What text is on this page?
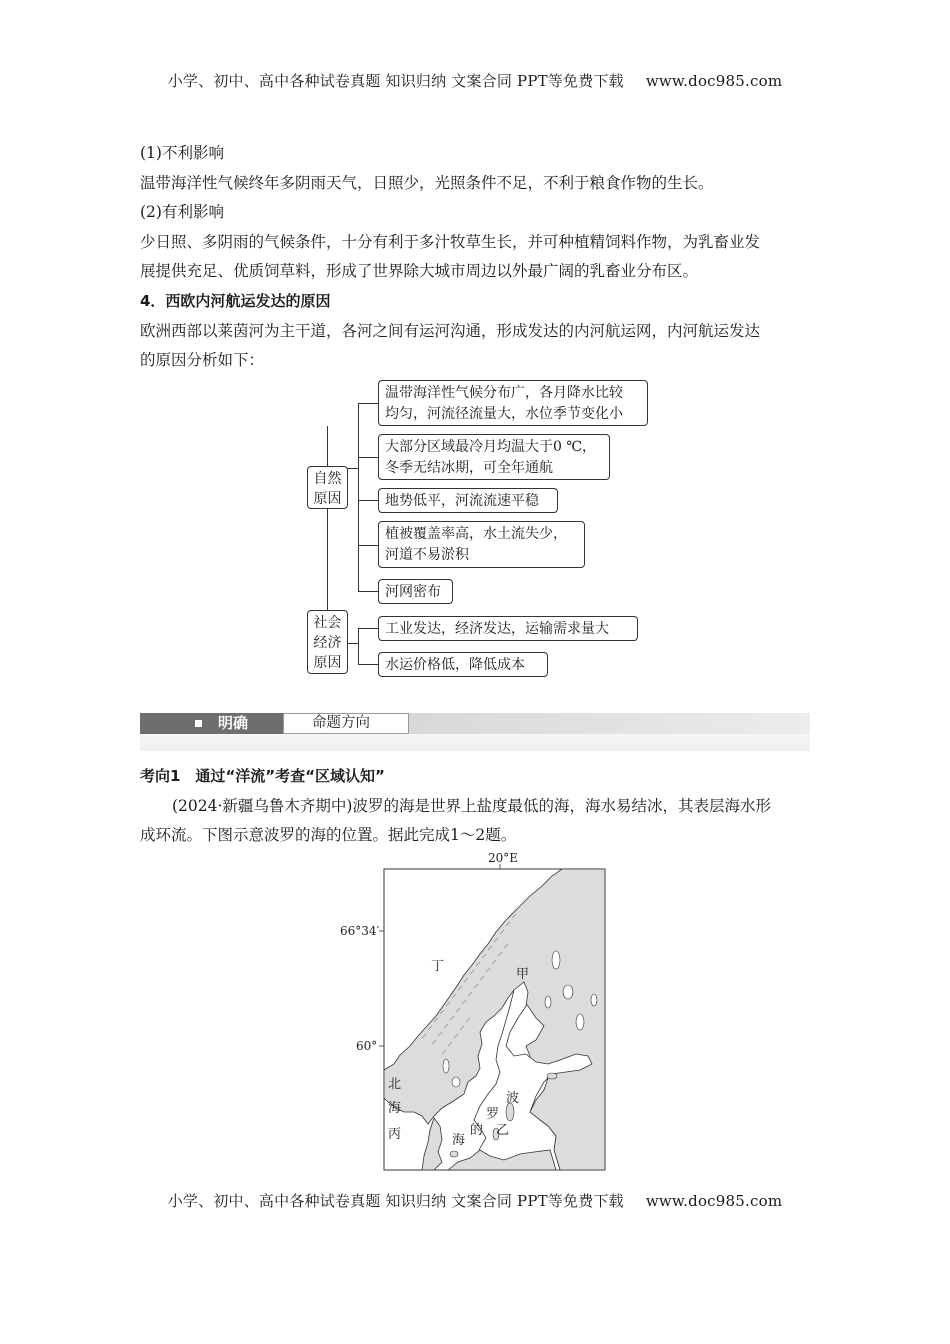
小学、初中、高中各种试卷真题 知识归纳 文案合同 PPT等免费下载 www.doc985.com
(1)不利影响
温带海洋性气候终年多阴雨天气，日照少，光照条件不足，不利于粮食作物的生长。
(2)有利影响
少日照、多阴雨的气候条件，十分有利于多汁牧草生长，并可种植精饲料作物，为乳畜业发
展提供充足、优质饲草料，形成了世界除大城市周边以外最广阔的乳畜业分布区。
4．西欧内河航运发达的原因
欧洲西部以莱茵河为主干道，各河之间有运河沟通，形成发达的内河航运网，内河航运发达
的原因分析如下：
自然
原因
社会
经济
原因
温带海洋性气候分布广，各月降水比较
均匀，河流径流量大，水位季节变化小
大部分区域最冷月均温大于0 ℃，
冬季无结冰期，可全年通航
地势低平，河流流速平稳
植被覆盖率高，水土流失少，
河道不易淤积
河网密布
工业发达，经济发达，运输需求量大
水运价格低，降低成本
明确	命题方向
考向1　通过“洋流”考查“区域认知”
(2024·新疆乌鲁木齐期中)波罗的海是世界上盐度最低的海，海水易结冰，其表层海水形
成环流。下图示意波罗的海的位置。据此完成1～2题。
20°E
66°34′
60°
丁
甲
北
海
丙	海
的
罗
波
乙
小学、初中、高中各种试卷真题 知识归纳 文案合同 PPT等免费下载 www.doc985.com
